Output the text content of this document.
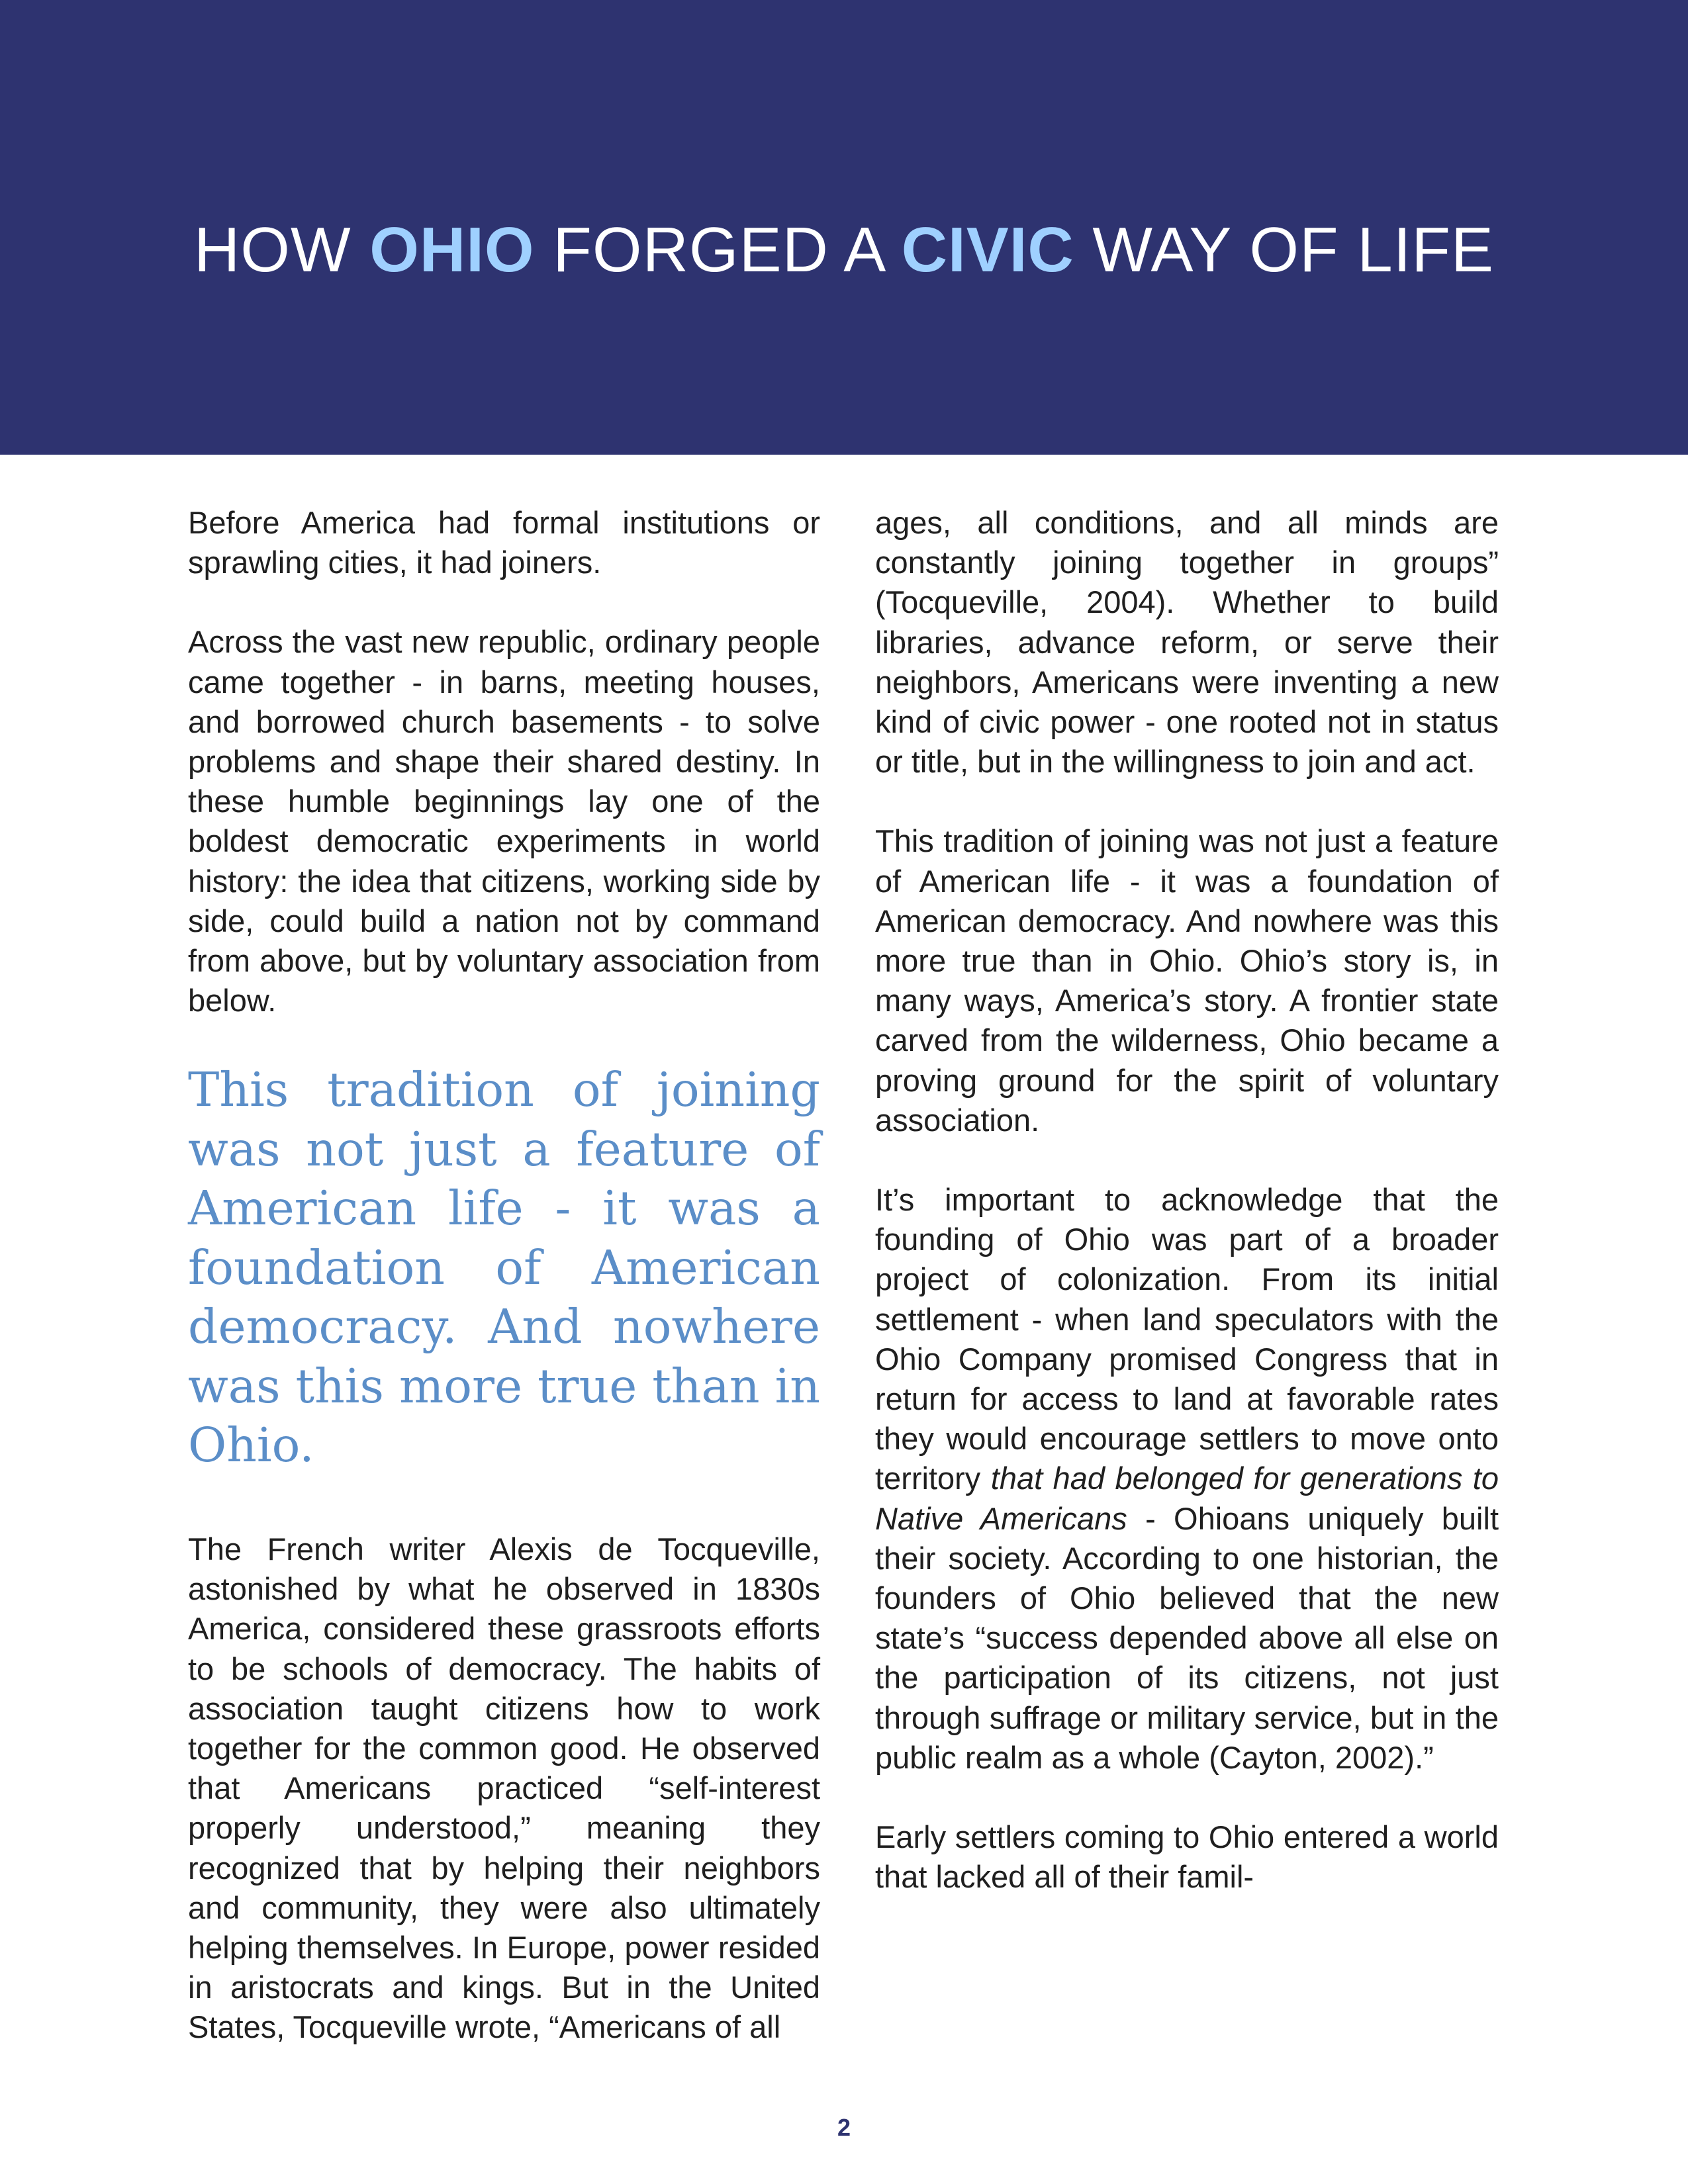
HOW OHIO FORGED A CIVIC WAY OF LIFE

Before America had formal institutions or sprawling cities, it had joiners.

Across the vast new republic, ordinary people came together - in barns, meeting houses, and borrowed church basements - to solve problems and shape their shared destiny. In these humble beginnings lay one of the boldest democratic experiments in world history: the idea that citizens, working side by side, could build a nation not by command from above, but by voluntary association from below.

This tradition of joining was not just a feature of American life - it was a foundation of American democracy. And nowhere was this more true than in Ohio.

The French writer Alexis de Tocqueville, astonished by what he observed in 1830s America, considered these grassroots efforts to be schools of democracy. The habits of association taught citizens how to work together for the common good. He observed that Americans practiced “self-interest properly understood,” meaning they recognized that by helping their neighbors and community, they were also ultimately helping themselves. In Europe, power resided in aristocrats and kings. But in the United States, Tocqueville wrote, “Americans of all

ages, all conditions, and all minds are constantly joining together in groups” (Tocqueville, 2004). Whether to build libraries, advance reform, or serve their neighbors, Americans were inventing a new kind of civic power - one rooted not in status or title, but in the willingness to join and act.

This tradition of joining was not just a feature of American life - it was a foundation of American democracy. And nowhere was this more true than in Ohio. Ohio’s story is, in many ways, America’s story. A frontier state carved from the wilderness, Ohio became a proving ground for the spirit of voluntary association.

It’s important to acknowledge that the founding of Ohio was part of a broader project of colonization. From its initial settlement - when land speculators with the Ohio Company promised Congress that in return for access to land at favorable rates they would encourage settlers to move onto territory that had belonged for generations to Native Americans - Ohioans uniquely built their society. According to one historian, the founders of Ohio believed that the new state’s “success depended above all else on the participation of its citizens, not just through suffrage or military service, but in the public realm as a whole (Cayton, 2002).”

Early settlers coming to Ohio entered a world that lacked all of their famil-

2
